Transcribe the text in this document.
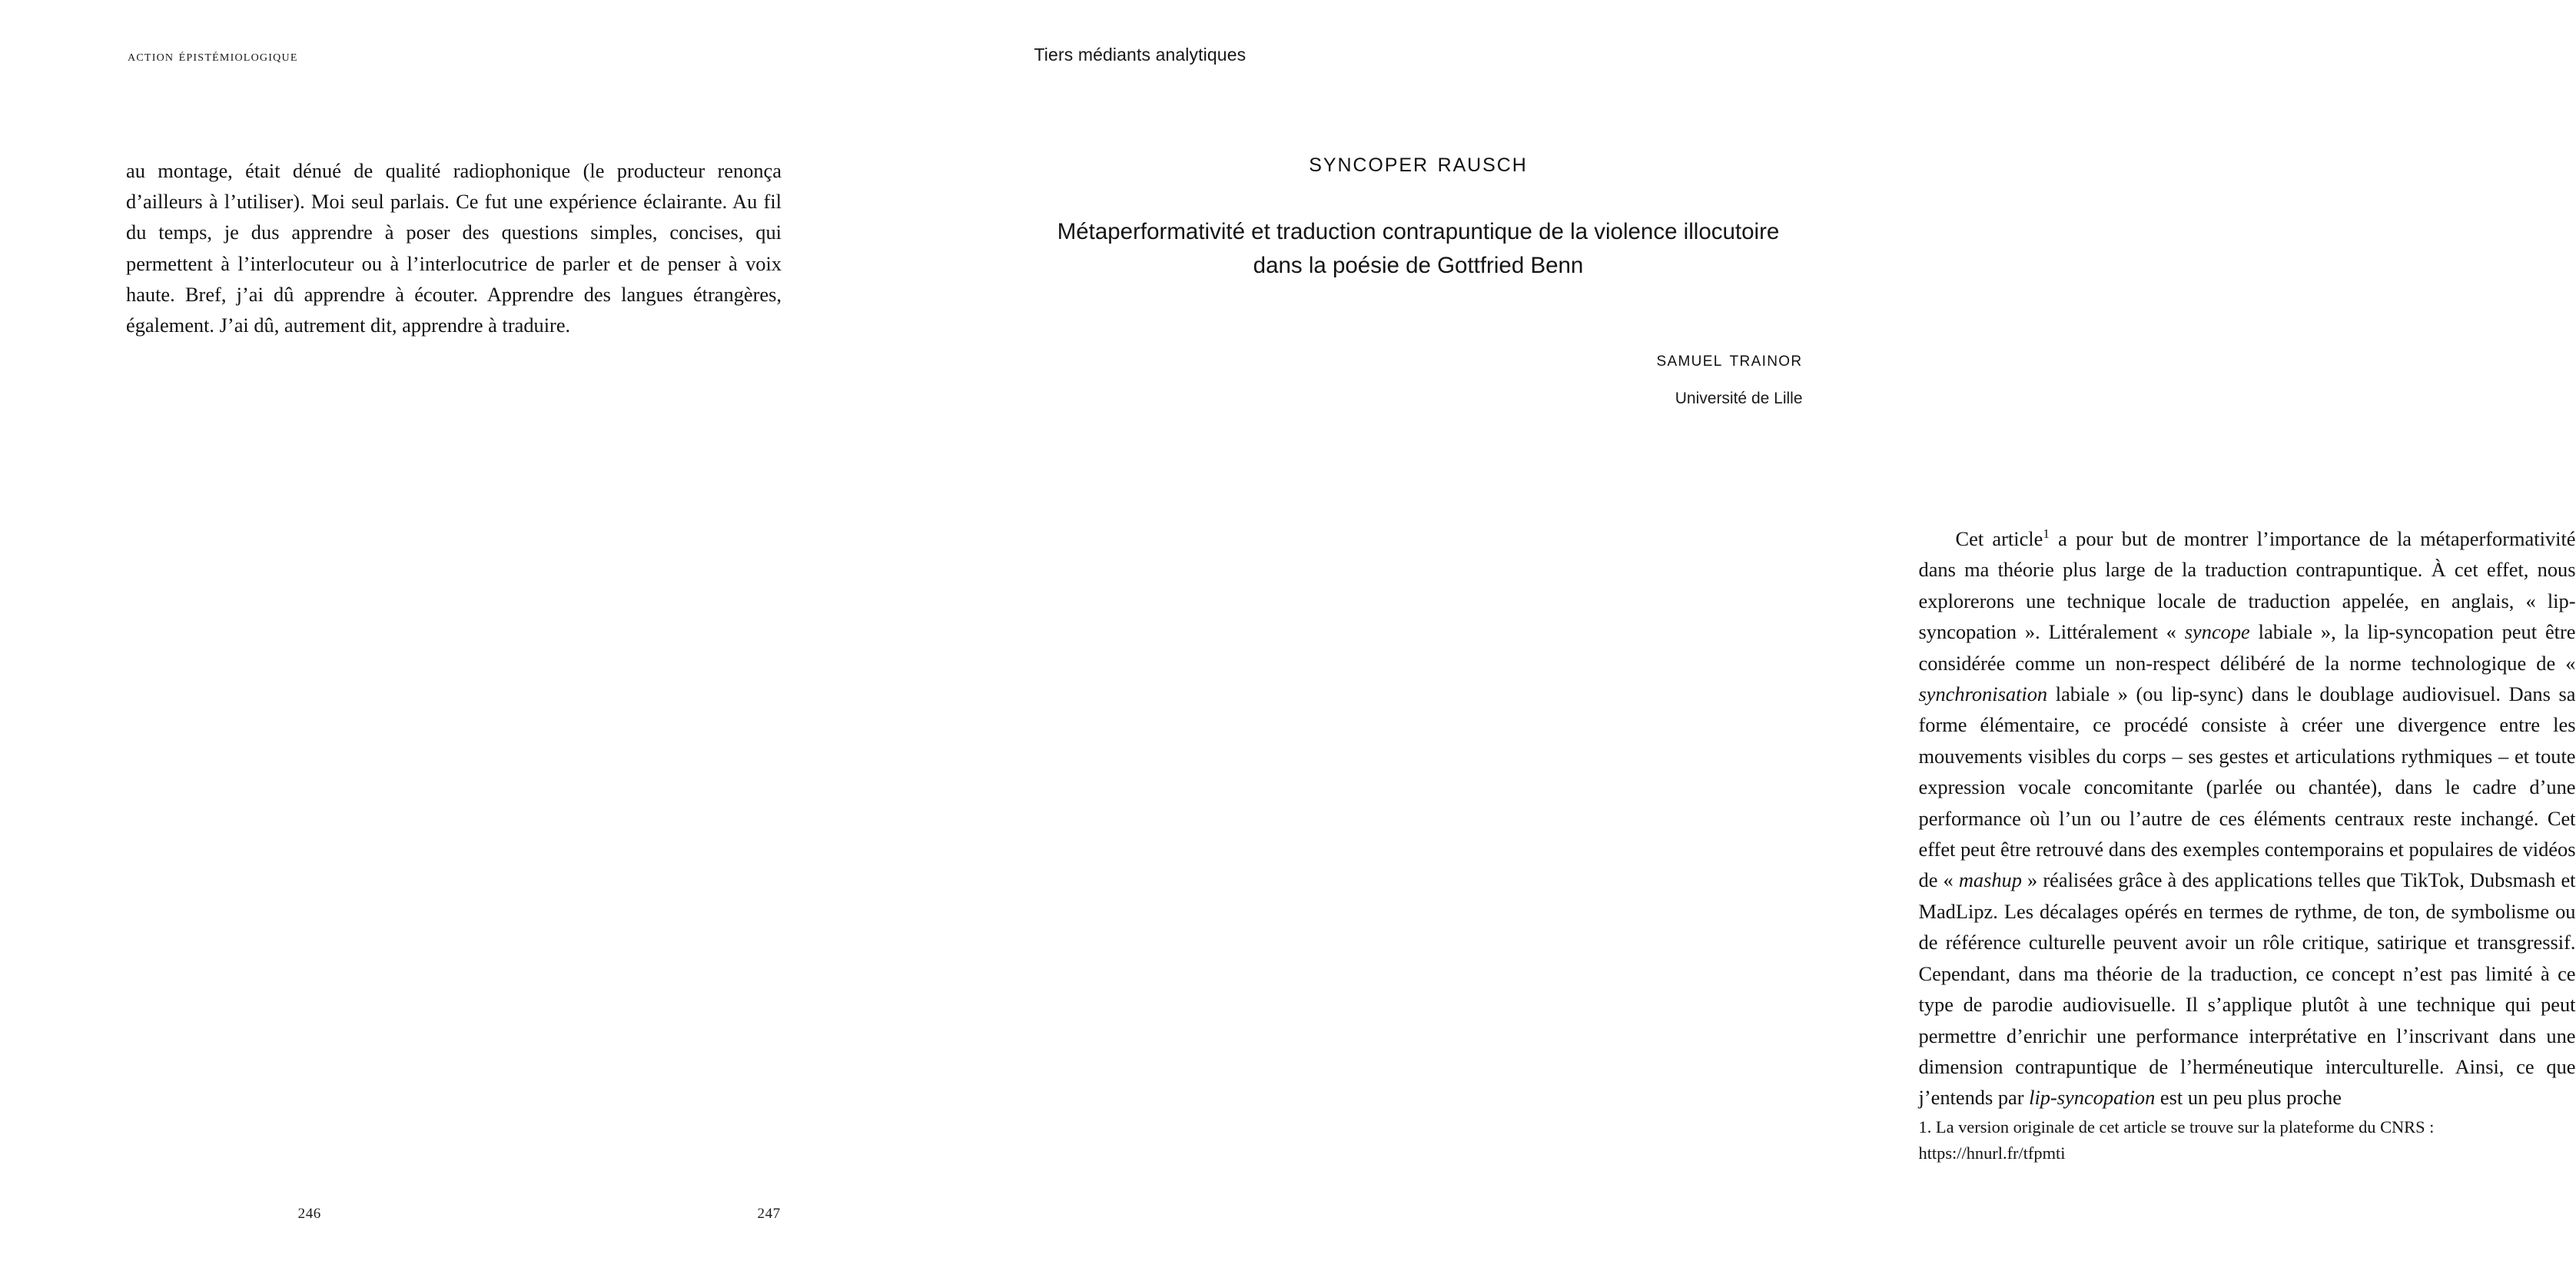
action épistémiologique
au montage, était dénué de qualité radiophonique (le producteur renonça d’ailleurs à l’utiliser). Moi seul parlais. Ce fut une expérience éclairante. Au fil du temps, je dus apprendre à poser des questions simples, concises, qui permettent à l’interlocuteur ou à l’interlocutrice de parler et de penser à voix haute. Bref, j’ai dû apprendre à écouter. Apprendre des langues étrangères, également. J’ai dû, autrement dit, apprendre à traduire.
246
Tiers médiants analytiques
syncoper rausch
Métaperformativité et traduction contrapuntique de la violence illocutoire dans la poésie de Gottfried Benn
samuel trainor
Université de Lille

Cet article$^1$ a pour but de montrer l’importance de la métaperformativité dans ma théorie plus large de la traduction contrapuntique. À cet effet, nous explorerons une technique locale de traduction appelée, en anglais, « lip-syncopation ». Littéralement « syncope labiale », la lip-syncopation peut être considérée comme un non-respect délibéré de la norme technologique de « synchronisation labiale » (ou lip-sync) dans le doublage audiovisuel. Dans sa forme élémentaire, ce procédé consiste à créer une divergence entre les mouvements visibles du corps – ses gestes et articulations rythmiques – et toute expression vocale concomitante (parlée ou chantée), dans le cadre d’une performance où l’un ou l’autre de ces éléments centraux reste inchangé. Cet effet peut être retrouvé dans des exemples contemporains et populaires de vidéos de « mashup » réalisées grâce à des applications telles que TikTok, Dubsmash et MadLipz. Les décalages opérés en termes de rythme, de ton, de symbolisme ou de référence culturelle peuvent avoir un rôle critique, satirique et transgressif. Cependant, dans ma théorie de la traduction, ce concept n’est pas limité à ce type de parodie audiovisuelle. Il s’applique plutôt à une technique qui peut permettre d’enrichir une performance interprétative en l’inscrivant dans une dimension contrapuntique de l’herméneutique interculturelle. Ainsi, ce que j’entends par lip-syncopation est un peu plus proche

1. La version originale de cet article se trouve sur la plateforme du CNRS : https://hnurl.fr/tfpmti
247
